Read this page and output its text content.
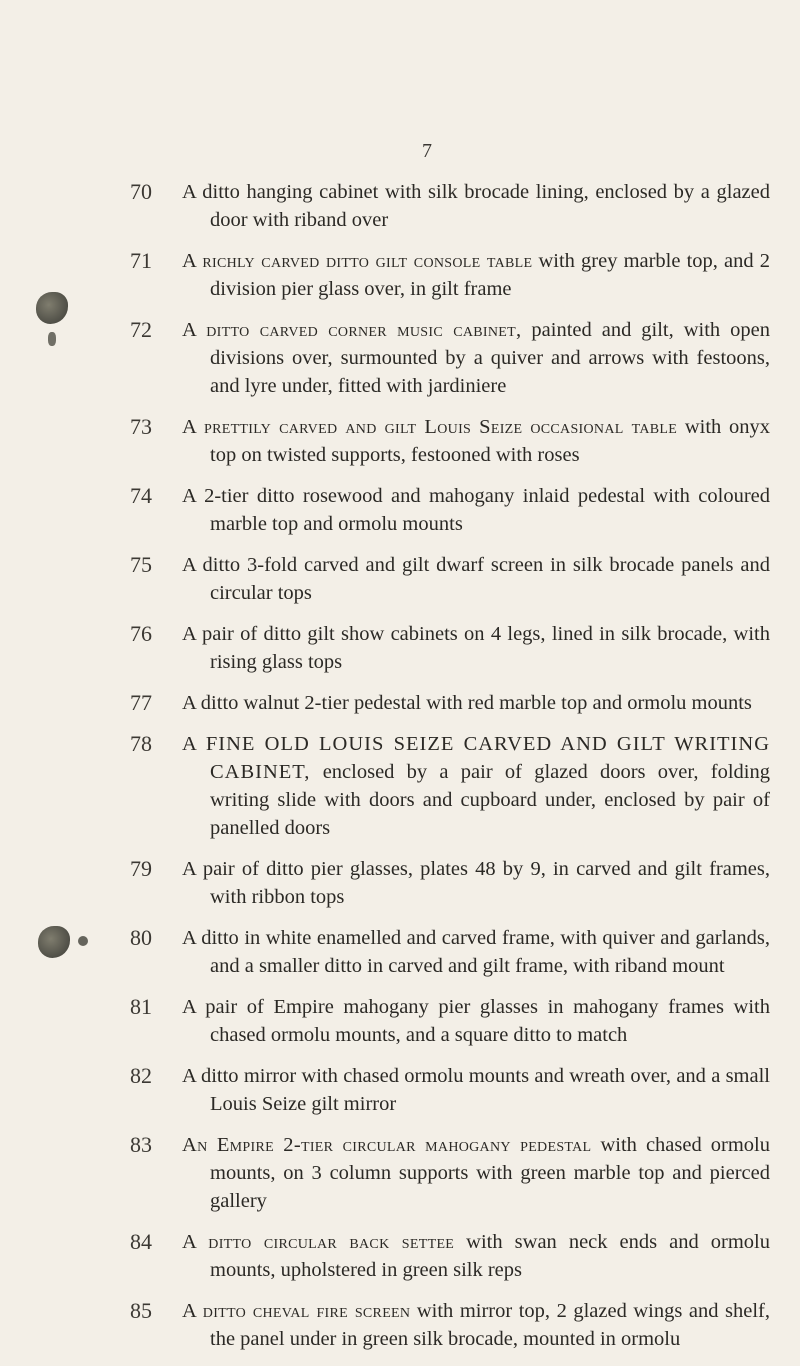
7
70	A ditto hanging cabinet with silk brocade lining, enclosed by a glazed door with riband over
71	A richly carved ditto gilt console table with grey marble top, and 2 division pier glass over, in gilt frame
72	A ditto carved corner music cabinet, painted and gilt, with open divisions over, surmounted by a quiver and arrows with festoons, and lyre under, fitted with jardiniere
73	A prettily carved and gilt Louis Seize occasional table with onyx top on twisted supports, festooned with roses
74	A 2-tier ditto rosewood and mahogany inlaid pedestal with coloured marble top and ormolu mounts
75	A ditto 3-fold carved and gilt dwarf screen in silk brocade panels and circular tops
76	A pair of ditto gilt show cabinets on 4 legs, lined in silk brocade, with rising glass tops
77	A ditto walnut 2-tier pedestal with red marble top and ormolu mounts
78	A FINE OLD LOUIS SEIZE CARVED AND GILT WRITING CABINET, enclosed by a pair of glazed doors over, folding writing slide with doors and cupboard under, enclosed by pair of panelled doors
79	A pair of ditto pier glasses, plates 48 by 9, in carved and gilt frames, with ribbon tops
80	A ditto in white enamelled and carved frame, with quiver and garlands, and a smaller ditto in carved and gilt frame, with riband mount
81	A pair of Empire mahogany pier glasses in mahogany frames with chased ormolu mounts, and a square ditto to match
82	A ditto mirror with chased ormolu mounts and wreath over, and a small Louis Seize gilt mirror
83	An Empire 2-tier circular mahogany pedestal with chased ormolu mounts, on 3 column supports with green marble top and pierced gallery
84	A ditto circular back settee with swan neck ends and ormolu mounts, upholstered in green silk reps
85	A ditto cheval fire screen with mirror top, 2 glazed wings and shelf, the panel under in green silk brocade, mounted in ormolu
